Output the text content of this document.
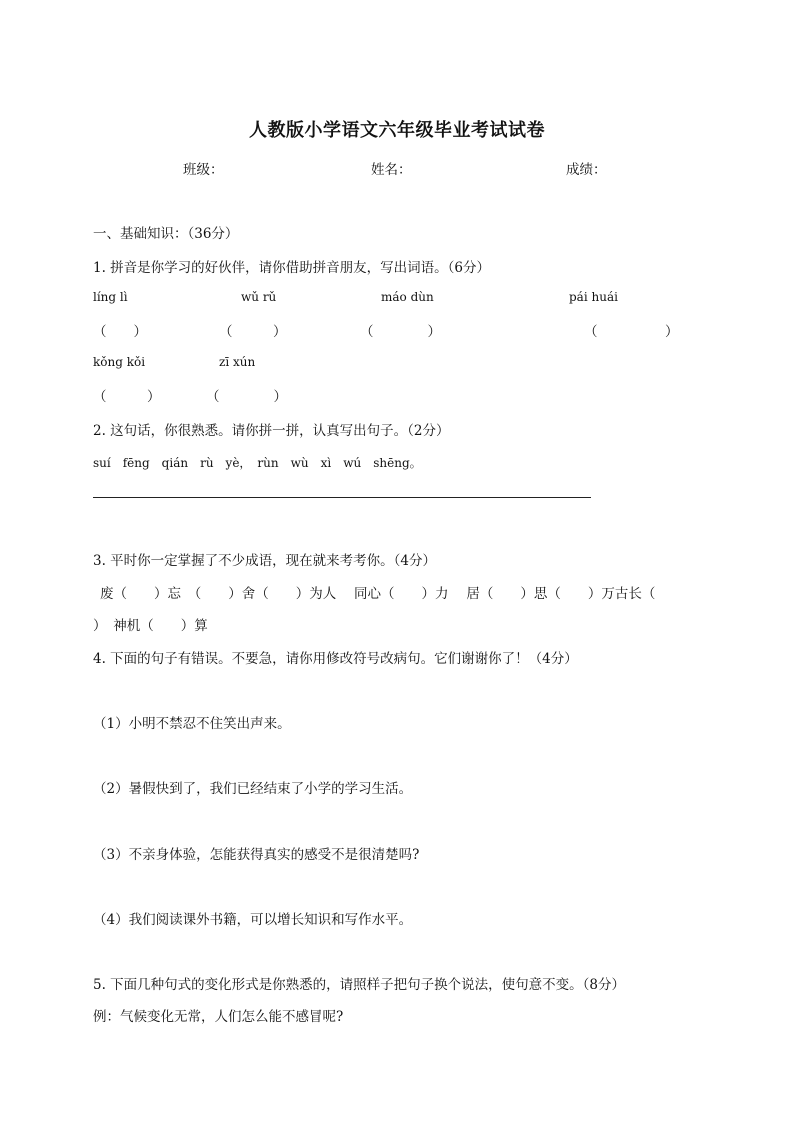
人教版小学语文六年级毕业考试试卷
班级：	姓名：	成绩：
一、基础知识：（36分）
1. 拼音是你学习的好伙伴，请你借助拼音朋友，写出词语。（6分）
líng lì	wǔ rǔ	máo dùn	pái huái
（　　）	（　　　）	（　　　　）	（　　　　　）
kǒng kǒi	zī xún
（　　　）	（　　　　）
2. 这句话，你很熟悉。请你拼一拼，认真写出句子。（2分）
suí　fēng　qián　rù　yè，　rùn　wù　xì　wú　shēng。
3. 平时你一定掌握了不少成语，现在就来考考你。（4分）
废（　　）忘　（　　）舍（　　）为人　 同心（　　）力　 居（　　）思（　　）万古长（
）　神机（　　）算
4. 下面的句子有错误。不要急，请你用修改符号改病句。它们谢谢你了！（4分）
（1）小明不禁忍不住笑出声来。
（2）暑假快到了，我们已经结束了小学的学习生活。
（3）不亲身体验，怎能获得真实的感受不是很清楚吗?
（4）我们阅读课外书籍，可以增长知识和写作水平。
5. 下面几种句式的变化形式是你熟悉的，请照样子把句子换个说法，使句意不变。（8分）
例：气候变化无常，人们怎么能不感冒呢?
